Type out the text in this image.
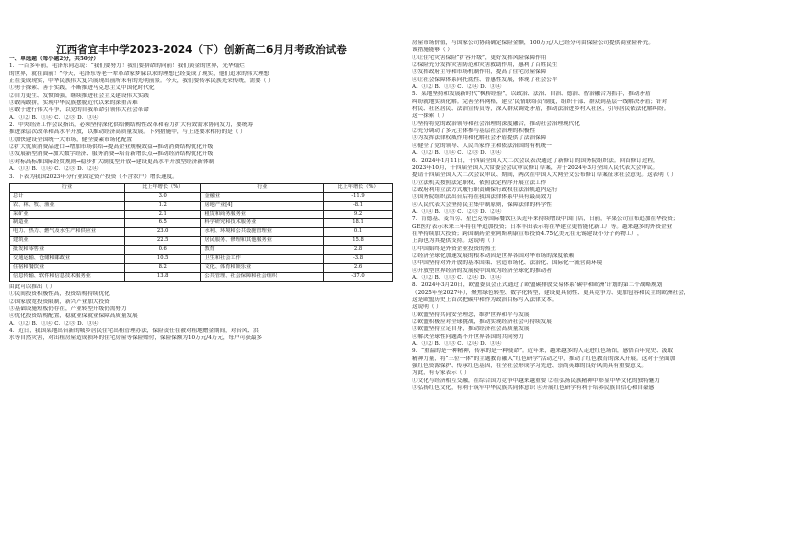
江西省宜丰中学2023-2024（下）创新高二6月月考政治试卷

一、单选题（每小题2分，共50分）

1．一百多年前，毛泽东同志说：“我们要努力！我们要拼命的向前！我们黄金的世界，光华灿烂

的世界，就在面前！”今天，毛泽东等老一辈革命家梦寐以求的理想已经变成了现实，他们追求的伟大理想

正在变成现实，中华民族伟大复兴展现出前所未有的光明前景。今天，我们要传承民族光荣传统，需要（ ）

①勇于探索、善于实践，不断推进马克思主义中国化时代化

②自力更生、发愤图强，继续推进社会主义建设伟大实践

③敢闯敢拼，实现中华民族摆脱近代以来的深重苦难

④敢于进行伟大斗争，以党的自我革命引领伟大社会革命

A．①② B．①④ C．②③ D．③④

2．中央经济工作会议指出，必须坚持深化供给侧结构性改革和着力扩大有效需求协同发力，要统筹

推进深层次改革和高水平开放，以推动经济高质量发展。下列措施中，与上述要求相符的是（ ）

①加快建设全国统一大市场，健全要素市场化配置

②扩大优质消费品进口→增加市场供给→提高企业规模效益→推动消费结构优化升级

③发展新型消费→加大数字经济、服务消费→培育新增长点→推动经济结构优化升级

④对标高标准国际经贸规则→稳步扩大制度型开放→建设更高水平开放型经济新体制

A．①③ B．①④ C．②③ D．②④

3．下表为我国2023年分行业固定资产投资（不含农户）增长速度。

行业	比上年增长（%）	行业	比上年增长（%）
总计	3.0	金融业	-11.9
农、林、牧、渔业	1.2	房地产业[4]	-8.1
采矿业	2.1	租赁和商务服务业	9.2
制造业	6.5	科学研究和技术服务业	18.1
电力、热力、燃气及水生产和供应业	23.0	水利、环境和公共设施管理业	0.1
建筑业	22.5	居民服务、修理和其他服务业	15.8
批发和零售业	0.6	教育	2.8
交通运输、仓储和邮政业	10.5	卫生和社会工作	-3.8
住宿和餐饮业	8.2	文化、体育和娱乐业	2.6
信息传输、软件和信息技术服务业	13.8	公共管理、社会保障和社会组织	-37.0

由此可以推出（ ）

①民间投资积极性高，投资结构持续优化

②国家放宽投资限制，新兴产业加大投资

③基础设施短板仍存在，产业转型升级仍需努力

④优化投资结构配置，稳就业保就业保障高质量发展

A．①② B．①④ C．②③ D．③④

4．近日，我国某地出台新的城乡居民住宅出租管理办法，保险责任在被对租地赠金期间，对台风、洪

水等自然灾害，对出租房屋造成损坏的住宅房屋等保险赔付，保险保额为10万元/4万元，每户可获最多

房屋市场价值，与国家公司协商确定保险金额，100万元/人已经分可由保险公司提供商业险补充。

该措施能够（ ）

①让住宅灾害保险“扩容升级”，更好发挥风险保障作用

②保险充分发挥灾害防范和灾害救助作用，惠利了百姓民生

③发挥政府主导和市场机制作用，提高了住宅房屋保障

④让社会保障体系向托底性、普惠性发展，体现了社会公平

A．①② B．①③ C．②④ D．③④

5．某地坚持和发展新时代“枫桥经验”，以政治、法治、自治、德治、智治融合为抓手，推动矛盾

纠纷就地实质化解。完善全科网格，建立‘民情联络员’制度，组织干部、群众到基层一线解决矛盾；针对

村民、社区居民、法治宣传员等，深入群众调处矛盾，推动法治进乡村入社区，引导居民依法化解纠纷。

这一探索（ ）

①坚持将党的政治领导和社会治理的深度融合，推动社会治理现代化

②充分调动了多元主体参与基层社会治理的积极性

③为发挥法律权威作用和化解社会矛盾提供了法治保障

④健全了党的领导、人民当家作主和依法治国的有机统一

A．①② B．①④ C．②③ D．③④

6．2024年1月11日，十四届全国人大二次会议表决通过了新修订的国务院组织法。回首修订过程，

2023年10月，十四届全国人大常委会会议审议修订草案，并于2024年3月全国人民代表大会审议。

提请十四届全国人大二次会议审议、期间，两次在中国人大网全文公布修订草案征求社会意见。这表明（ ）

①立法机关按照法定职权、依照法定程序开展立法工作

②政府利用立法方式履行职责确保行政权在法治轨道内运行

③国务院组织法出台后将在我国法律体系中具有最高效力

④人民代表大会坚持民主集中制原则，保障法律的科学性

A．①④ B．①③ C．②③ D．②④

7．肯德基、麦当劳、星巴克等国际餐饮巨头近年来持续增设中国门店，日前，苹果公司宣布追加在华投资；

GE医疗表示未来三年将在华追加投资；日本丰田表示将在华建立更智能化新工厂等。越来越多的外资企业

在华持续加大投资；跨国制药企业阿斯利康宣布投资4.75亿美元在无锡建设小分子药物工厂，

上海也为其提供支持。这说明（ ）

①中国始终是外资企业投资的热土

②经济全球化加速发展的根本动因是世界各国对华市场的深度依赖

③中国坚持对外开放的基本国策、营造市场化、法治化、国际化一流营商环境

④开放型世界经济的发展使中国成为经济全球化的推动者

A．①② B．①③ C．②④ D．③④

8．2024年3月20日，欧盟委员会正式通过了欧盟碳排放交易体系‘碳中和欧洲’计划的第二个战略规划

（2025年至2027年），聚焦绿色转型、数字化转型，建设更具韧性、更具竞争力、更加包容和民主的欧洲社会，

这是欧盟历史上首次把碳中和作为政治目标写入法律文本。

这说明（ ）

①欧盟坚持共同安全理念，维护世界和平与发展

②欧盟积极应对全球挑战，推动实现经济社会可持续发展

③欧盟坚持立足自身，推动经济社会高质量发展

④解决全球性问题离不开世界各国的共同努力

A．①② B．①③ C．②④ D．③④

9．“重温的是一种精神，传承的是一种使命”。近年来，越来越多的人走进红色场馆，感悟百年党史、汲取

精神力量，将“三位一体”的主题教育融入“红色研学”活动之中，推动了红色教育的深入开展。这对于全面加

强红色资源保护、传承红色基因，在全社会形成学习先进、崇尚英雄的良好风尚具有重要意义。

为此，有专家表示（ ）

①文化与经济相互交融，在综合国力竞争中越来越重要 ②在弘扬民族精神中彰显中华文化的独特魅力

③弘扬红色文化，有利于筑牢中华民族共同体意识 ④开展红色研学有利于培养民族自信心和自豪感
